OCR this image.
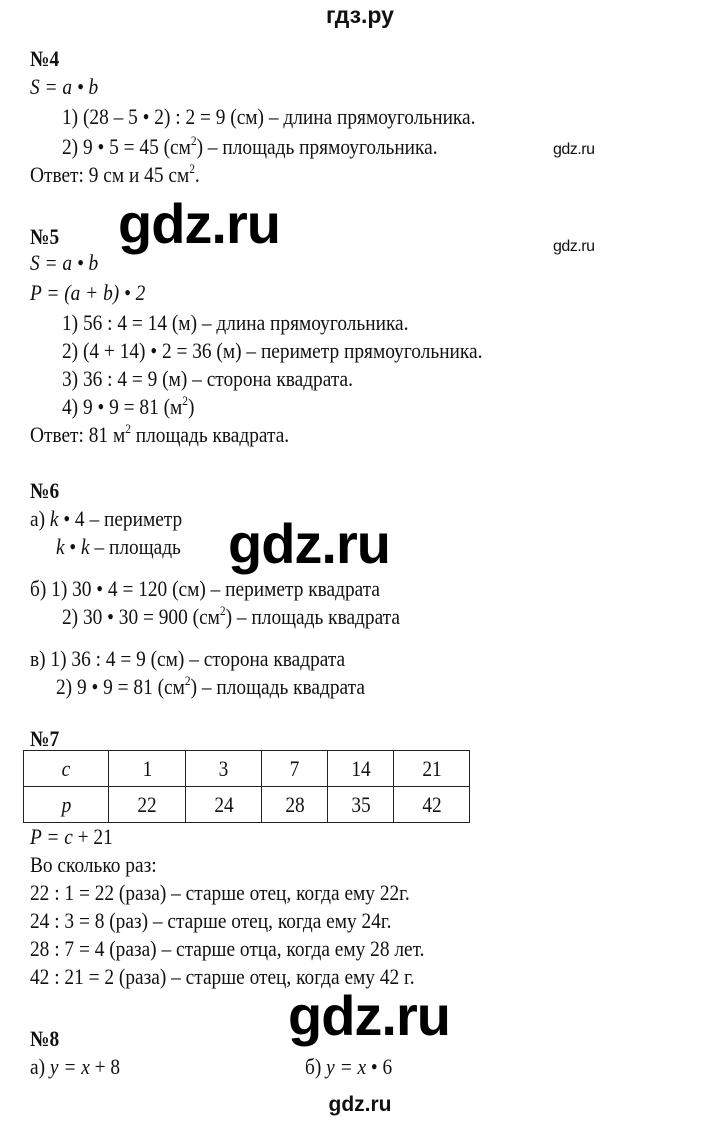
гдз.ру
№4
S = a • b
1) (28 – 5 • 2) : 2 = 9 (см) – длина прямоугольника.
2) 9 • 5 = 45 $(см^2)$ – площадь прямоугольника.	gdz.ru
Ответ: 9 см и 45 $см^2$.
gdz.ru
№5	gdz.ru
S = a • b
P = (a + b) • 2
1) 56 : 4 = 14 (м) – длина прямоугольника.
2) (4 + 14) • 2 = 36 (м) – периметр прямоугольника.
3) 36 : 4 = 9 (м) – сторона квадрата.
4) 9 • 9 = 81 $(м^2)$
Ответ: 81 $м^2$ площадь квадрата.
№6
а) k • 4 – периметр
k • k – площадь gdz.ru
б) 1) 30 • 4 = 120 (см) – периметр квадрата
2) 30 • 30 = 900 $(см^2)$ – площадь квадрата
в) 1) 36 : 4 = 9 (см) – сторона квадрата
2) 9 • 9 = 81 $(см^2)$ – площадь квадрата
№7
c	1	3	7	14	21
p	22	24	28	35	42
P = c + 21
Во сколько раз:
22 : 1 = 22 (раза) – старше отец, когда ему 22г.
24 : 3 = 8 (раз) – старше отец, когда ему 24г.
28 : 7 = 4 (раза) – старше отца, когда ему 28 лет.
42 : 21 = 2 (раза) – старше отец, когда ему 42 г.
gdz.ru
№8
а) y = x + 8	б) y = x • 6
gdz.ru
